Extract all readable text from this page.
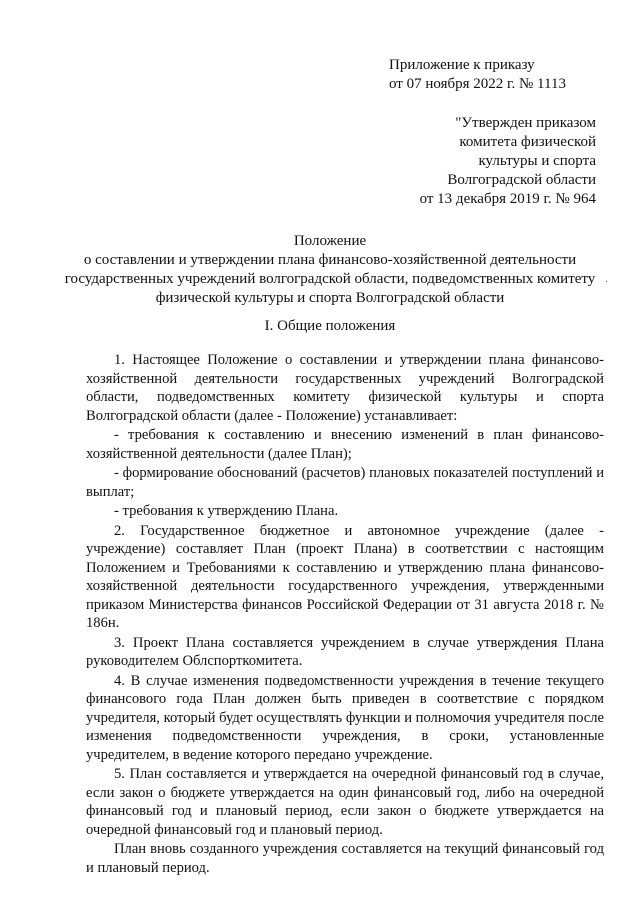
Приложение к приказу
от 07 ноября 2022 г. № 1113
"Утвержден приказом
комитета физической
культуры и спорта
Волгоградской области
от 13 декабря 2019 г. № 964
Положение
о составлении и утверждении плана финансово-хозяйственной деятельности
государственных учреждений волгоградской области, подведомственных комитету
физической культуры и спорта Волгоградской области
·
I. Общие положения

1. Настоящее Положение о составлении и утверждении плана финансово-хозяйственной деятельности государственных учреждений Волгоградской области, подведомственных комитету физической культуры и спорта Волгоградской области (далее - Положение) устанавливает:

- требования к составлению и внесению изменений в план финансово-хозяйственной деятельности (далее План);

- формирование обоснований (расчетов) плановых показателей поступлений и выплат;

- требования к утверждению Плана.

2. Государственное бюджетное и автономное учреждение (далее - учреждение) составляет План (проект Плана) в соответствии с настоящим Положением и Требованиями к составлению и утверждению плана финансово-хозяйственной деятельности государственного учреждения, утвержденными приказом Министерства финансов Российской Федерации от 31 августа 2018 г. № 186н.

3. Проект Плана составляется учреждением в случае утверждения Плана руководителем Облспорткомитета.

4. В случае изменения подведомственности учреждения в течение текущего финансового года План должен быть приведен в соответствие с порядком учредителя, который будет осуществлять функции и полномочия учредителя после изменения подведомственности учреждения, в сроки, установленные учредителем, в ведение которого передано учреждение.

5. План составляется и утверждается на очередной финансовый год в случае, если закон о бюджете утверждается на один финансовый год, либо на очередной финансовый год и плановый период, если закон о бюджете утверждается на очередной финансовый год и плановый период.

План вновь созданного учреждения составляется на текущий финансовый год и плановый период.
